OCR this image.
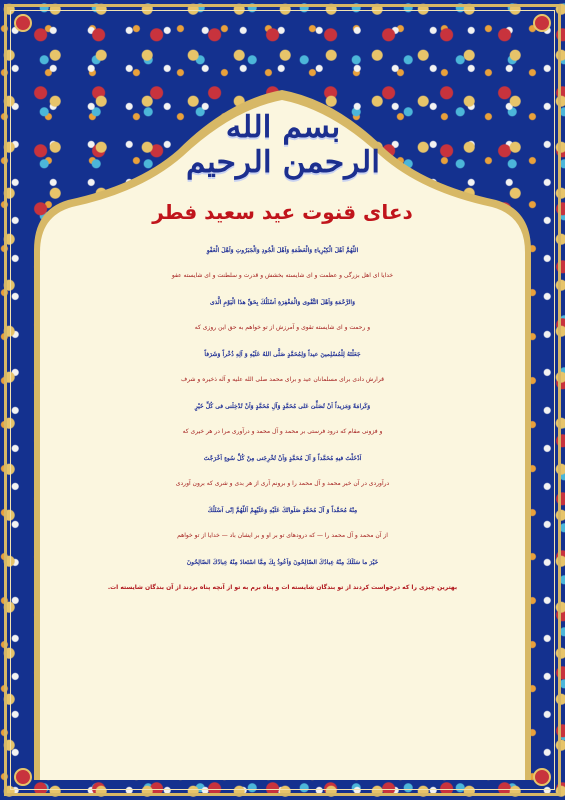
بسم الله الرحمن الرحیم
دعای قنوت عید سعید فطر
اللّهُمَّ اَهْلَ الْكِبْرِياءِ وَالْعَظَمَةِ وَاَهْلَ الْجُودِ وَالْجَبَرُوتِ وَاَهْلَ الْعَفْوِ
خدایا ای اهل بزرگی و عظمت و ای شایسته بخشش و قدرت و سلطنت و ای شایسته عفو
وَالرَّحْمَةِ وَاَهْلَ التَّقْوى وَالْمَغْفِرَةِ اَسْئَلُكَ بِحَقِّ هذَا الْيَوْمِ الَّذى
و رحمت و ای شایسته تقوی و آمرزش از تو خواهم به حق این روزی که
جَعَلْتَهُ لِلْمُسْلِمينَ عيداً وَلِمُحَمَّدٍ صَلَّى اللهُ عَلَيْهِ وَ آلِهِ ذُخْراً وَشَرَفاً
قرارش دادی برای مسلمانان عید و برای محمد صلی الله علیه و آله ذخیره و شرف
وَكَرامَةً وَمَزيداً اَنْ تُصَلِّىَ عَلى مُحَمَّدٍ وَآلِ مُحَمَّدٍ وَاَنْ تُدْخِلَنى فى كُلِّ خَيْرٍ
و فزونی مقام که درود فرستی بر محمد و آل محمد و درآوری مرا در هر خیری که
اَدْخَلْتَ فيهِ مُحَمَّداً وَ آلَ مُحَمَّدٍ وَاَنْ تُخْرِجَنى مِنْ كُلِّ سُوءٍ اَخْرَجْتَ
درآوردی در آن خیر محمد و آل محمد را و برونم آری از هر بدی و شری که برون آوردی
مِنْهُ مُحَمَّداً وَ آلَ مُحَمَّدٍ صَلَواتُكَ عَلَيْهِ وَعَلَيْهِمْ اَللّهُمَّ اِنّى اَسْئَلُكَ
از آن محمد و آل محمد را — که درودهای تو بر او و بر ایشان باد — خدایا از تو خواهم
خَيْرَ ما سَئَلَكَ مِنْهُ عِبادُكَ الصّالِحُونَ وَاَعُوذُ بِكَ مِمَّا اسْتَعاذَ مِنْهُ عِبادُكَ الصّالِحُونَ
بهترین چیزی را که درخواست کردند از تو بندگان شایسته ات و پناه برم به تو از آنچه پناه بردند از آن بندگان شایسته ات.
